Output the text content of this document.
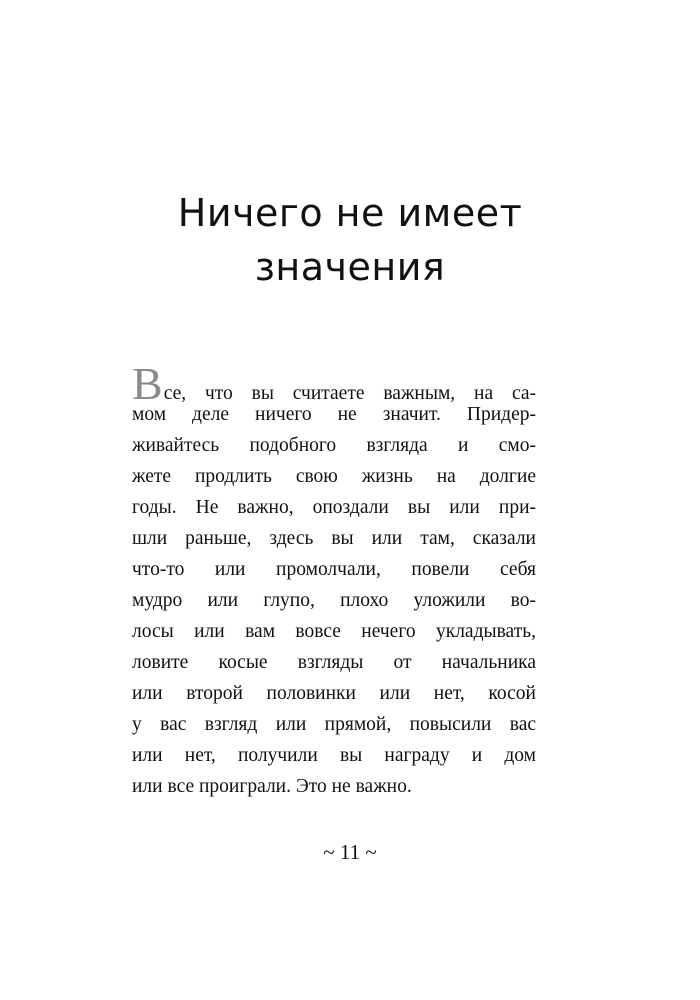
Ничего не имеет
значения
Все, что вы считаете важным, на са-
мом деле ничего не значит. Придер-
живайтесь подобного взгляда и смо-
жете продлить свою жизнь на долгие
годы. Не важно, опоздали вы или при-
шли раньше, здесь вы или там, сказали
что-то или промолчали, повели себя
мудро или глупо, плохо уложили во-
лосы или вам вовсе нечего укладывать,
ловите косые взгляды от начальника
или второй половинки или нет, косой
у вас взгляд или прямой, повысили вас
или нет, получили вы награду и дом
или все проиграли. Это не важно.
~ 11 ~
